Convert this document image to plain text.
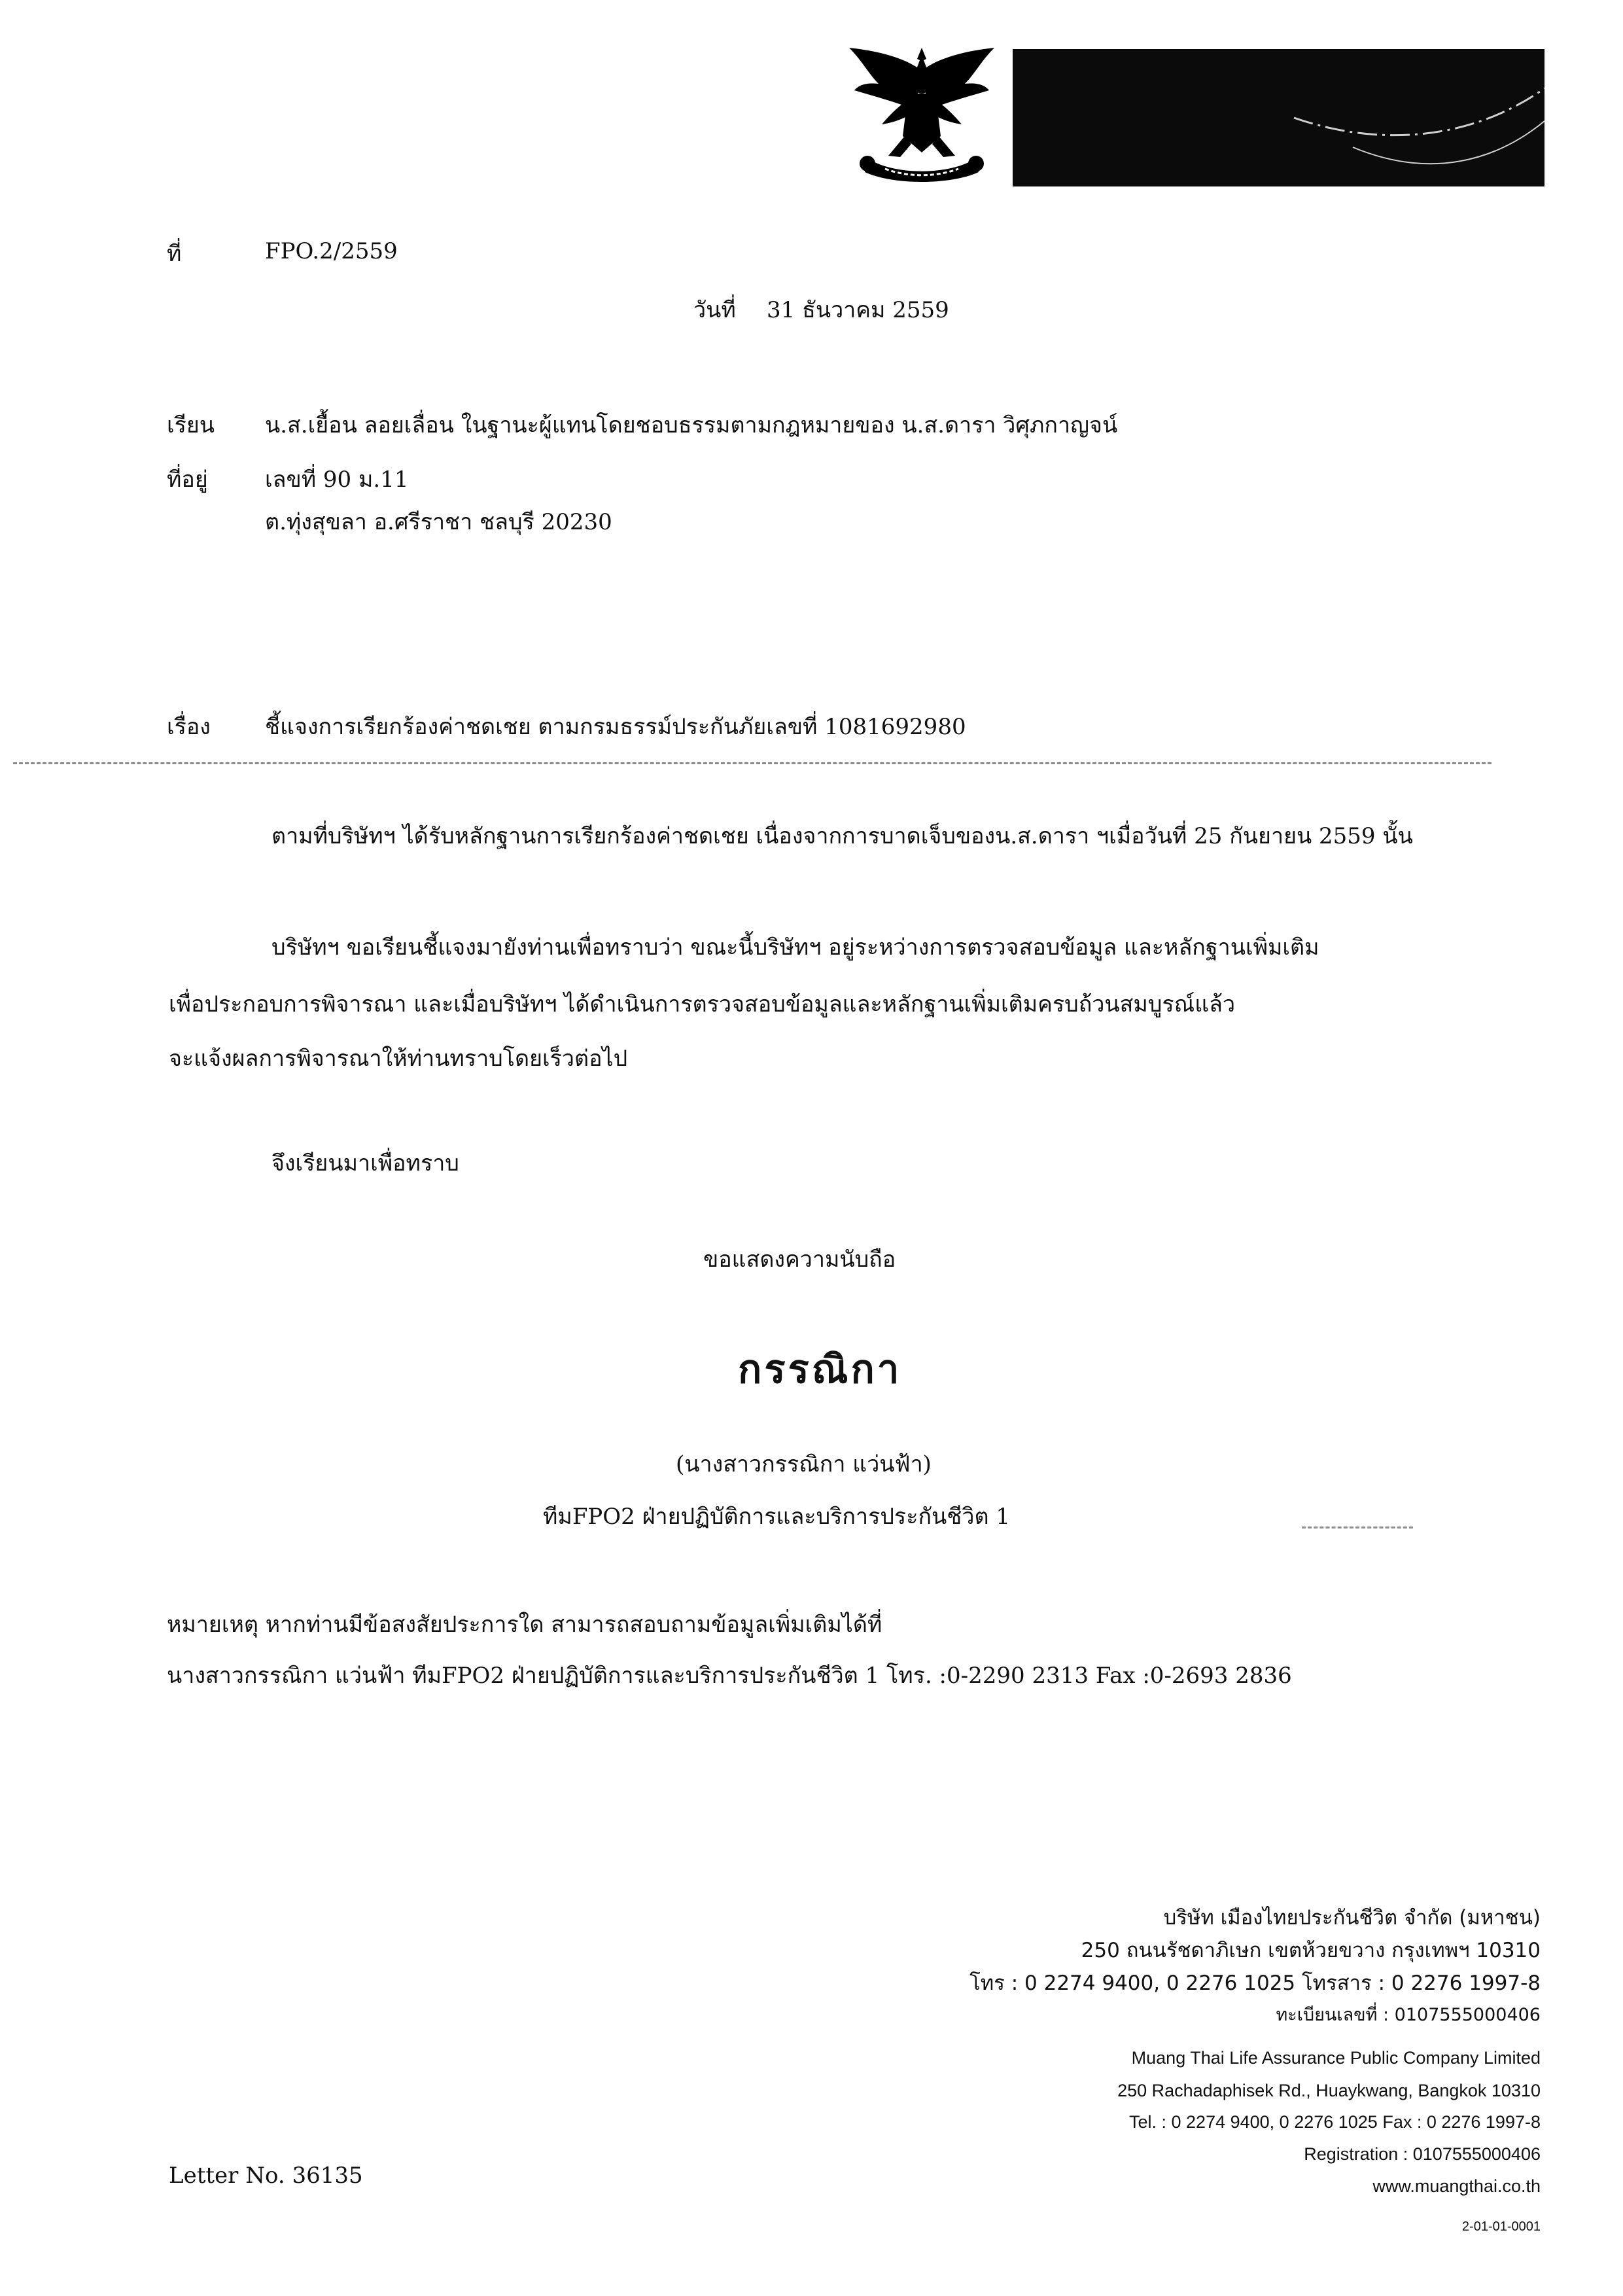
ที่	FPO.2/2559
วันที่ 31 ธันวาคม 2559
เรียน น.ส.เยื้อน ลอยเลื่อน ในฐานะผู้แทนโดยชอบธรรมตามกฎหมายของ น.ส.ดารา วิศุภกาญจน์
ที่อยู่	เลขที่ 90 ม.11
ต.ทุ่งสุขลา อ.ศรีราชา ชลบุรี 20230
เรื่อง ชี้แจงการเรียกร้องค่าชดเชย ตามกรมธรรม์ประกันภัยเลขที่ 1081692980
ตามที่บริษัทฯ ได้รับหลักฐานการเรียกร้องค่าชดเชย เนื่องจากการบาดเจ็บของน.ส.ดารา ฯเมื่อวันที่ 25 กันยายน 2559 นั้น
บริษัทฯ ขอเรียนชี้แจงมายังท่านเพื่อทราบว่า ขณะนี้บริษัทฯ อยู่ระหว่างการตรวจสอบข้อมูล และหลักฐานเพิ่มเติม
เพื่อประกอบการพิจารณา และเมื่อบริษัทฯ ได้ดำเนินการตรวจสอบข้อมูลและหลักฐานเพิ่มเติมครบถ้วนสมบูรณ์แล้ว
จะแจ้งผลการพิจารณาให้ท่านทราบโดยเร็วต่อไป
จึงเรียนมาเพื่อทราบ
ขอแสดงความนับถือ
กรรณิกา
(นางสาวกรรณิกา แว่นฟ้า)
ทีมFPO2 ฝ่ายปฏิบัติการและบริการประกันชีวิต 1
หมายเหตุ หากท่านมีข้อสงสัยประการใด สามารถสอบถามข้อมูลเพิ่มเติมได้ที่
นางสาวกรรณิกา แว่นฟ้า ทีมFPO2 ฝ่ายปฏิบัติการและบริการประกันชีวิต 1 โทร. :0-2290 2313 Fax :0-2693 2836
Letter No. 36135
บริษัท เมืองไทยประกันชีวิต จำกัด (มหาชน)
250 ถนนรัชดาภิเษก เขตห้วยขวาง กรุงเทพฯ 10310
โทร : 0 2274 9400, 0 2276 1025 โทรสาร : 0 2276 1997-8
ทะเบียนเลขที่ : 0107555000406
Muang Thai Life Assurance Public Company Limited
250 Rachadaphisek Rd., Huaykwang, Bangkok 10310
Tel. : 0 2274 9400, 0 2276 1025 Fax : 0 2276 1997-8
Registration : 0107555000406
www.muangthai.co.th
2-01-01-0001
